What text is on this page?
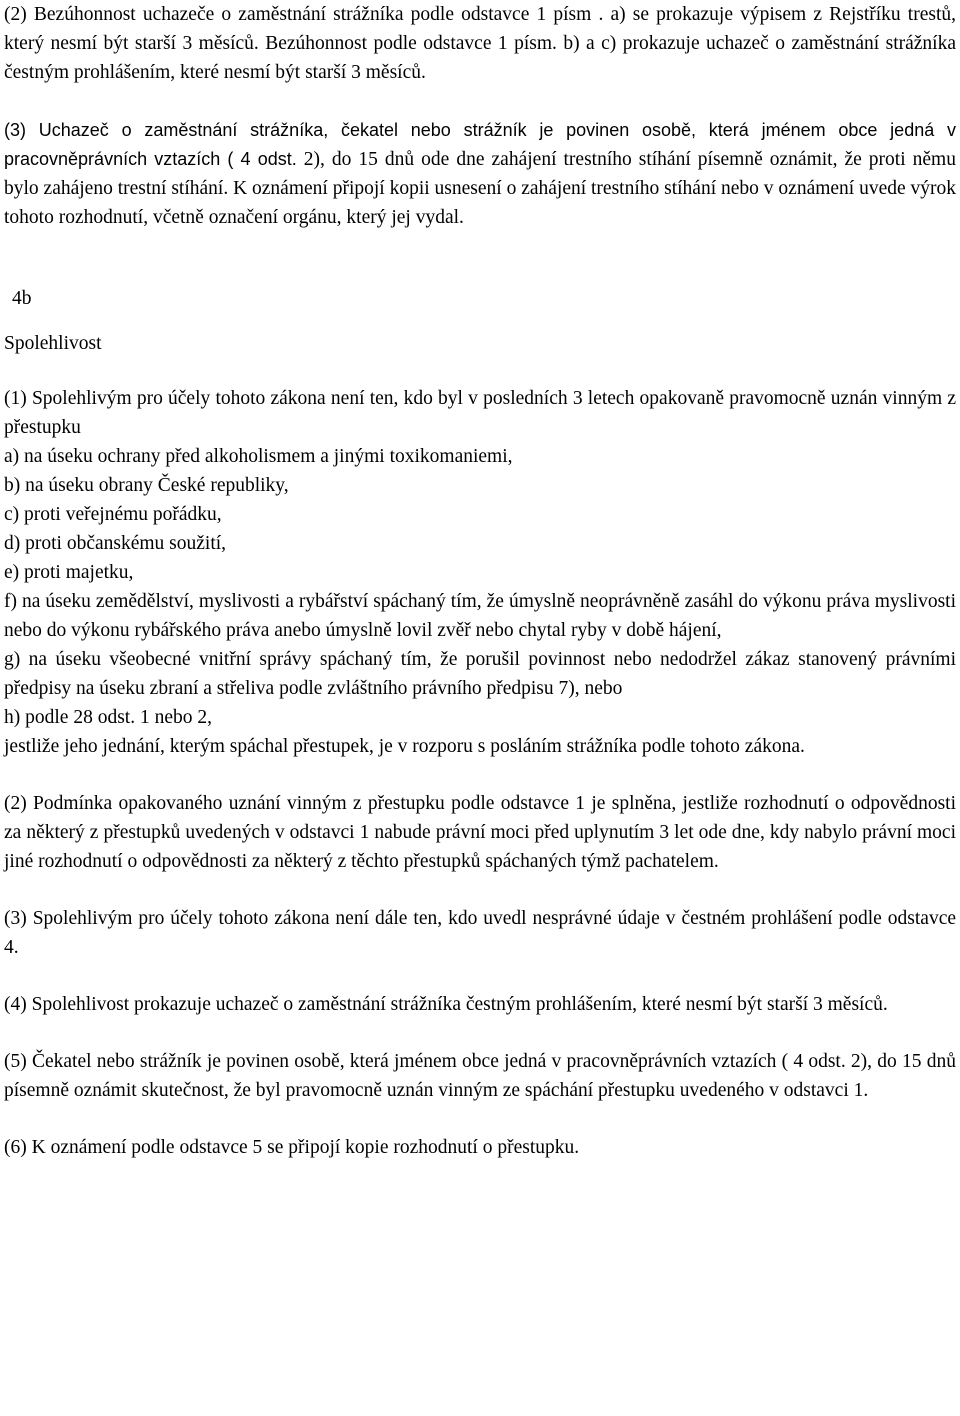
(2) Bezúhonnost uchazeče o zaměstnání strážníka podle odstavce 1 písm . a) se prokazuje výpisem z Rejstříku trestů, který nesmí být starší 3 měsíců. Bezúhonnost podle odstavce 1 písm. b) a c) prokazuje uchazeč o zaměstnání strážníka čestným prohlášením, které nesmí být starší 3 měsíců.

(3) Uchazeč o zaměstnání strážníka, čekatel nebo strážník je povinen osobě, která jménem obce jedná v pracovněprávních vztazích ( 4 odst. 2), do 15 dnů ode dne zahájení trestního stíhání písemně oznámit, že proti němu bylo zahájeno trestní stíhání. K oznámení připojí kopii usnesení o zahájení trestního stíhání nebo v oznámení uvede výrok tohoto rozhodnutí, včetně označení orgánu, který jej vydal.

4b

Spolehlivost

(1) Spolehlivým pro účely tohoto zákona není ten, kdo byl v posledních 3 letech opakovaně pravomocně uznán vinným z přestupku

a) na úseku ochrany před alkoholismem a jinými toxikomaniemi,

b) na úseku obrany České republiky,

c) proti veřejnému pořádku,

d) proti občanskému soužití,

e) proti majetku,

f) na úseku zemědělství, myslivosti a rybářství spáchaný tím, že úmyslně neoprávněně zasáhl do výkonu práva myslivosti nebo do výkonu rybářského práva anebo úmyslně lovil zvěř nebo chytal ryby v době hájení,

g) na úseku všeobecné vnitřní správy spáchaný tím, že porušil povinnost nebo nedodržel zákaz stanovený právními předpisy na úseku zbraní a střeliva podle zvláštního právního předpisu 7), nebo

h) podle 28 odst. 1 nebo 2,

jestliže jeho jednání, kterým spáchal přestupek, je v rozporu s posláním strážníka podle tohoto zákona.

(2) Podmínka opakovaného uznání vinným z přestupku podle odstavce 1 je splněna, jestliže rozhodnutí o odpovědnosti za některý z přestupků uvedených v odstavci 1 nabude právní moci před uplynutím 3 let ode dne, kdy nabylo právní moci jiné rozhodnutí o odpovědnosti za některý z těchto přestupků spáchaných týmž pachatelem.

(3) Spolehlivým pro účely tohoto zákona není dále ten, kdo uvedl nesprávné údaje v čestném prohlášení podle odstavce 4.

(4) Spolehlivost prokazuje uchazeč o zaměstnání strážníka čestným prohlášením, které nesmí být starší 3 měsíců.

(5) Čekatel nebo strážník je povinen osobě, která jménem obce jedná v pracovněprávních vztazích ( 4 odst. 2), do 15 dnů písemně oznámit skutečnost, že byl pravomocně uznán vinným ze spáchání přestupku uvedeného v odstavci 1.

(6) K oznámení podle odstavce 5 se připojí kopie rozhodnutí o přestupku.
